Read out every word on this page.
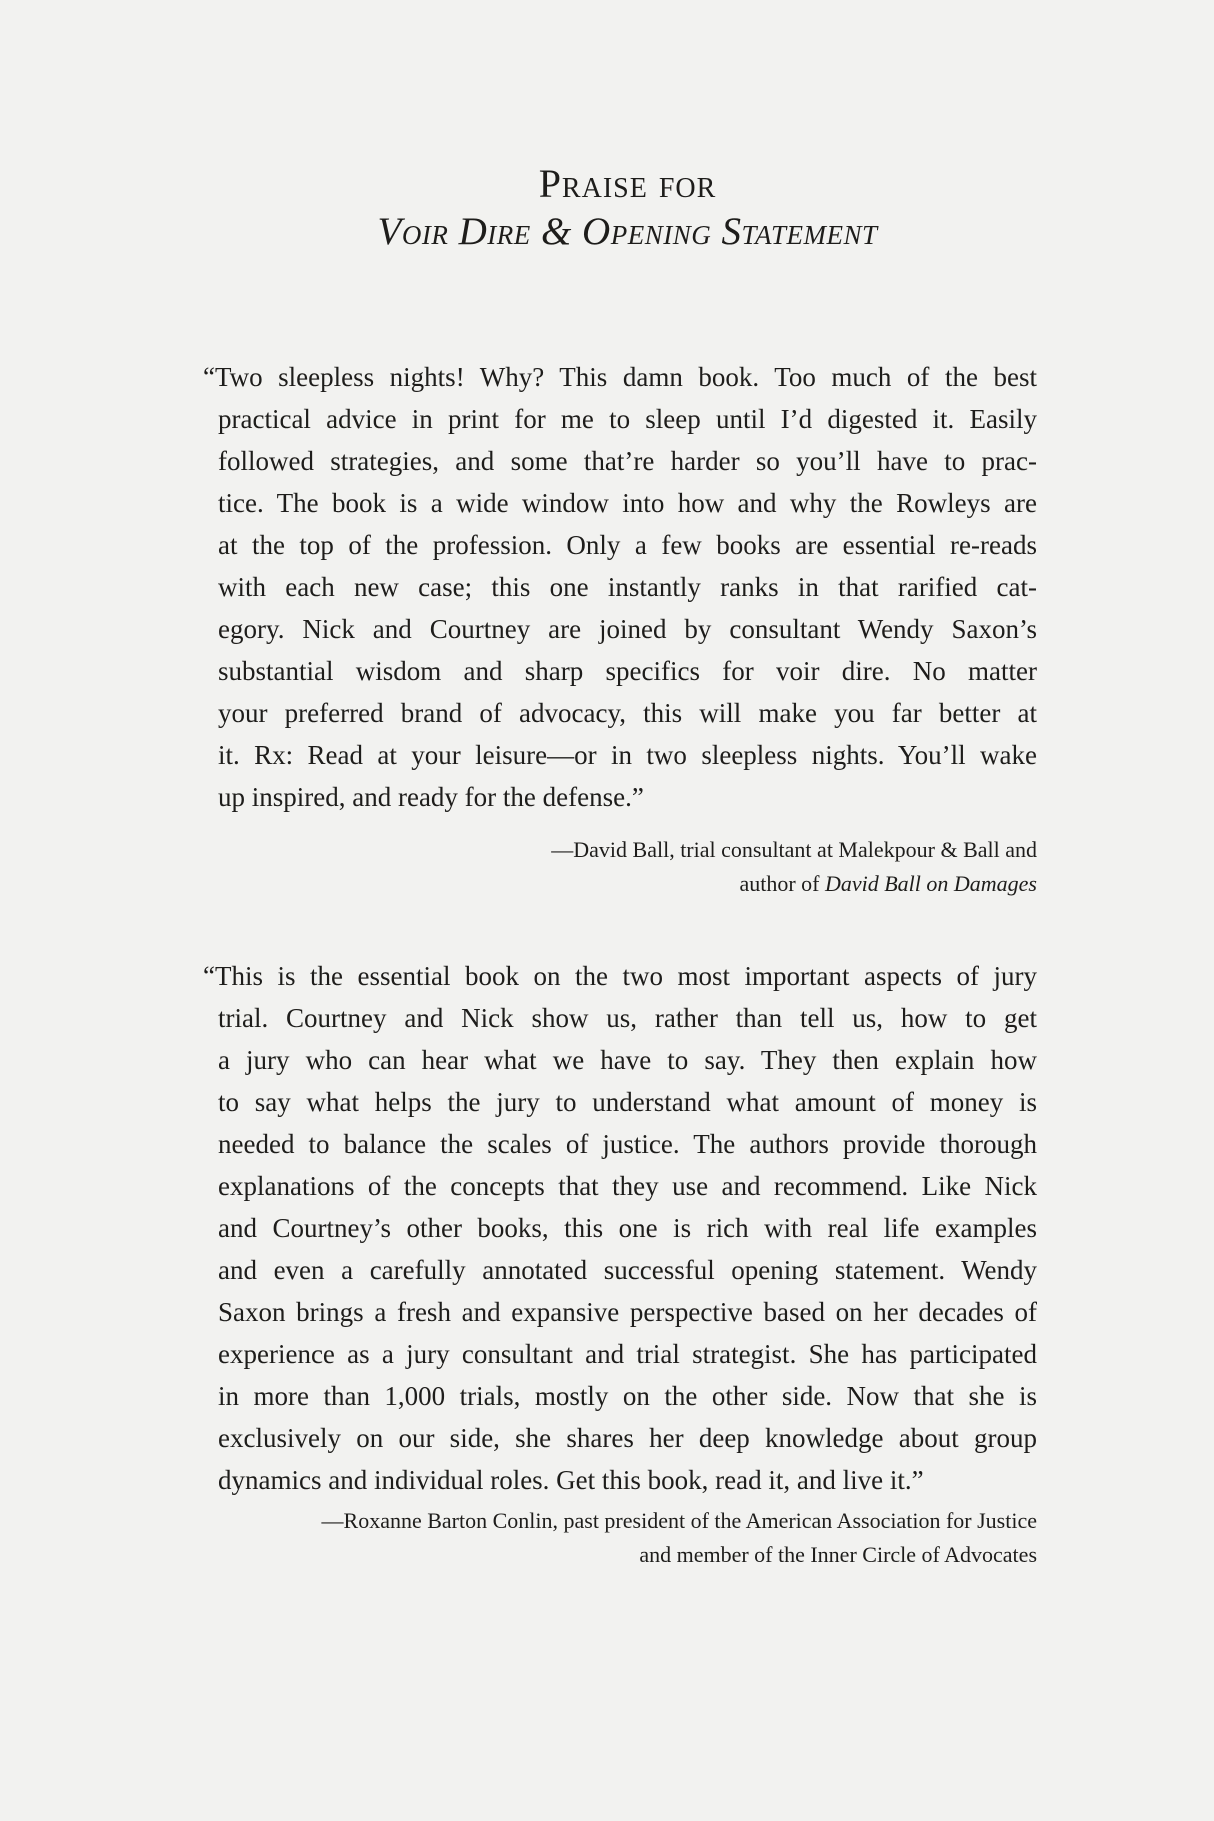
Praise for
Voir Dire & Opening Statement
“Two sleepless nights! Why? This damn book. Too much of the best
practical advice in print for me to sleep until I’d digested it. Easily
followed strategies, and some that’re harder so you’ll have to prac-
tice. The book is a wide window into how and why the Rowleys are
at the top of the profession. Only a few books are essential re-reads
with each new case; this one instantly ranks in that rarified cat-
egory. Nick and Courtney are joined by consultant Wendy Saxon’s
substantial wisdom and sharp specifics for voir dire. No matter
your preferred brand of advocacy, this will make you far better at
it. Rx: Read at your leisure—or in two sleepless nights. You’ll wake
up inspired, and ready for the defense.”
—David Ball, trial consultant at Malekpour & Ball and
author of David Ball on Damages
“This is the essential book on the two most important aspects of jury
trial. Courtney and Nick show us, rather than tell us, how to get
a jury who can hear what we have to say. They then explain how
to say what helps the jury to understand what amount of money is
needed to balance the scales of justice. The authors provide thorough
explanations of the concepts that they use and recommend. Like Nick
and Courtney’s other books, this one is rich with real life examples
and even a carefully annotated successful opening statement. Wendy
Saxon brings a fresh and expansive perspective based on her decades of
experience as a jury consultant and trial strategist. She has participated
in more than 1,000 trials, mostly on the other side. Now that she is
exclusively on our side, she shares her deep knowledge about group
dynamics and individual roles. Get this book, read it, and live it.”
—Roxanne Barton Conlin, past president of the American Association for Justice
and member of the Inner Circle of Advocates
